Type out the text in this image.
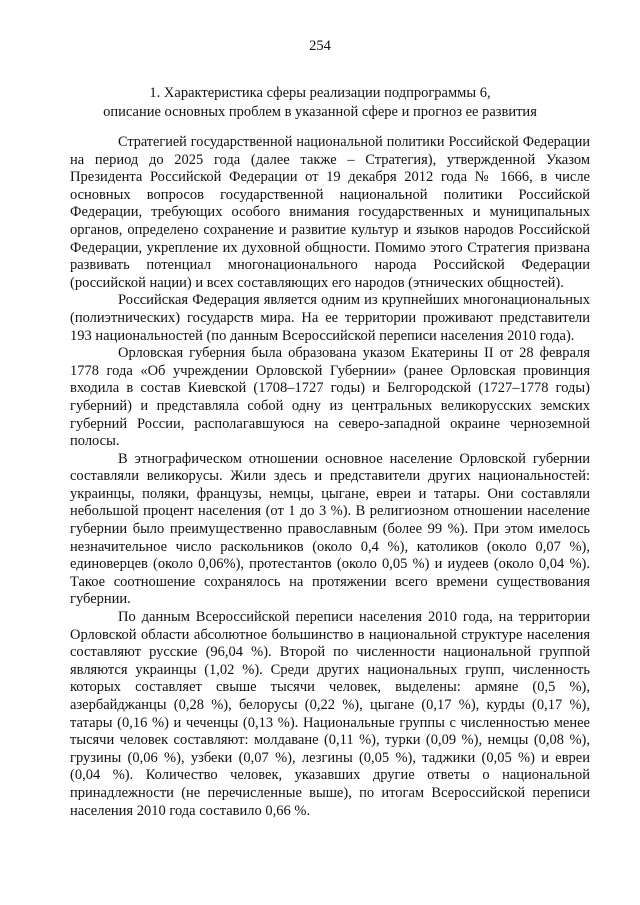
254
1. Характеристика сферы реализации подпрограммы 6,
описание основных проблем в указанной сфере и прогноз ее развития
Стратегией государственной национальной политики Российской Федерации
на период до 2025 года (далее также – Стратегия), утвержденной Указом
Президента Российской Федерации от 19 декабря 2012 года № 1666, в числе
основных вопросов государственной национальной политики Российской
Федерации, требующих особого внимания государственных и муниципальных
органов, определено сохранение и развитие культур и языков народов Российской
Федерации, укрепление их духовной общности. Помимо этого Стратегия призвана
развивать потенциал многонационального народа Российской Федерации
(российской нации) и всех составляющих его народов (этнических общностей).
Российская Федерация является одним из крупнейших многонациональных
(полиэтнических) государств мира. На ее территории проживают представители
193 национальностей (по данным Всероссийской переписи населения 2010 года).
Орловская губерния была образована указом Екатерины II от 28 февраля
1778 года «Об учреждении Орловской Губернии» (ранее Орловская провинция
входила в состав Киевской (1708–1727 годы) и Белгородской (1727–1778 годы)
губерний) и представляла собой одну из центральных великорусских земских
губерний России, располагавшуюся на северо-западной окраине черноземной
полосы.
В этнографическом отношении основное население Орловской губернии
составляли великорусы. Жили здесь и представители других национальностей:
украинцы, поляки, французы, немцы, цыгане, евреи и татары. Они составляли
небольшой процент населения (от 1 до 3 %). В религиозном отношении население
губернии было преимущественно православным (более 99 %). При этом имелось
незначительное число раскольников (около 0,4 %), католиков (около 0,07 %),
единоверцев (около 0,06%), протестантов (около 0,05 %) и иудеев (около 0,04 %).
Такое соотношение сохранялось на протяжении всего времени существования
губернии.
По данным Всероссийской переписи населения 2010 года, на территории
Орловской области абсолютное большинство в национальной структуре населения
составляют русские (96,04 %). Второй по численности национальной группой
являются украинцы (1,02 %). Среди других национальных групп, численность
которых составляет свыше тысячи человек, выделены: армяне (0,5 %),
азербайджанцы (0,28 %), белорусы (0,22 %), цыгане (0,17 %), курды (0,17 %),
татары (0,16 %) и чеченцы (0,13 %). Национальные группы с численностью менее
тысячи человек составляют: молдаване (0,11 %), турки (0,09 %), немцы (0,08 %),
грузины (0,06 %), узбеки (0,07 %), лезгины (0,05 %), таджики (0,05 %) и евреи
(0,04 %). Количество человек, указавших другие ответы о национальной
принадлежности (не перечисленные выше), по итогам Всероссийской переписи
населения 2010 года составило 0,66 %.
